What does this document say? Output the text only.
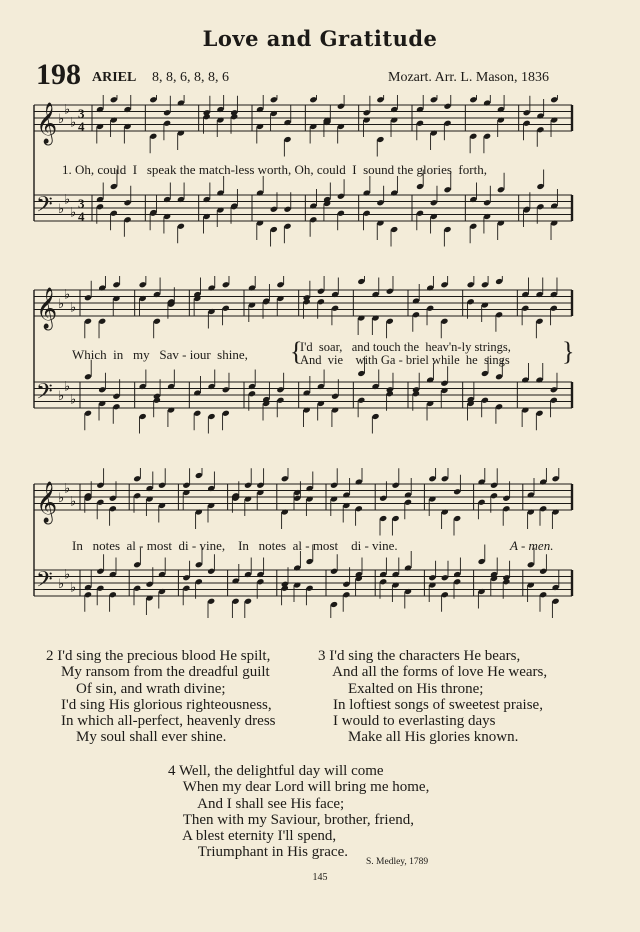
Love and Gratitude
198 ARIEL 8, 8, 6, 8, 8, 6	Mozart. Arr. L. Mason, 1836
𝄞 ♭
♭
♭
3
4
𝄢 ♭
♭
♭
3
4
1. Oh, could  I   speak the match-less worth, Oh, could  I  sound the glories  forth,
𝄞 ♭
♭
♭
𝄢 ♭
♭
♭
Which  in   my   Sav - iour  shine,	I'd  soar,   and touch the  heav'n-ly strings,
And  vie    with Ga - briel while  he  sings
{	}
𝄞 ♭
♭
♭
𝄢 ♭
♭
♭
In   notes  al - most  di - vine,    In   notes  al - most    di - vine.	A - men.
2 I'd sing the precious blood He spilt,
My ransom from the dreadful guilt
Of sin, and wrath divine;
I'd sing His glorious righteousness,
In which all-perfect, heavenly dress
My soul shall ever shine.
3 I'd sing the characters He bears,
And all the forms of love He wears,
Exalted on His throne;
In loftiest songs of sweetest praise,
I would to everlasting days
Make all His glories known.
4 Well, the delightful day will come
When my dear Lord will bring me home,
And I shall see His face;
Then with my Saviour, brother, friend,
A blest eternity I'll spend,
Triumphant in His grace.
S. Medley, 1789
145
